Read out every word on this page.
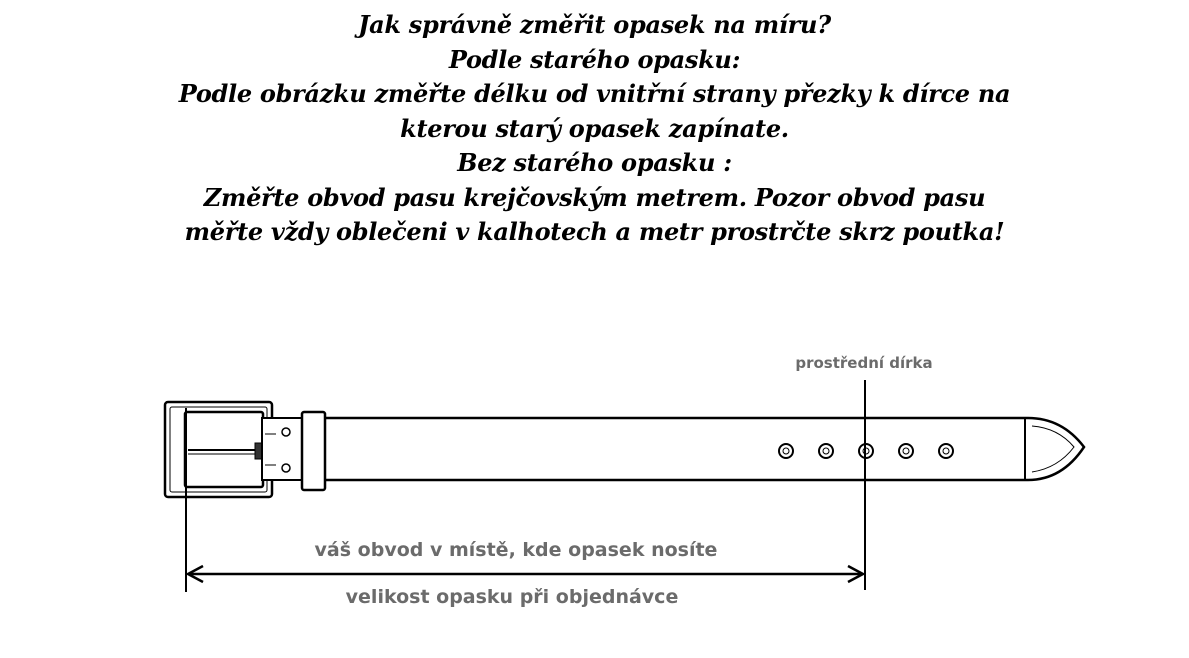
Jak správně změřit opasek na míru?
Podle starého opasku:
Podle obrázku změřte délku od vnitřní strany přezky k dírce na
kterou starý opasek zapínate.
Bez starého opasku :
Změřte obvod pasu krejčovským metrem. Pozor obvod pasu
měřte vždy oblečeni v kalhotech a metr prostrčte skrz poutka!
prostřední dírka
váš obvod v místě, kde opasek nosíte
velikost opasku při objednávce
